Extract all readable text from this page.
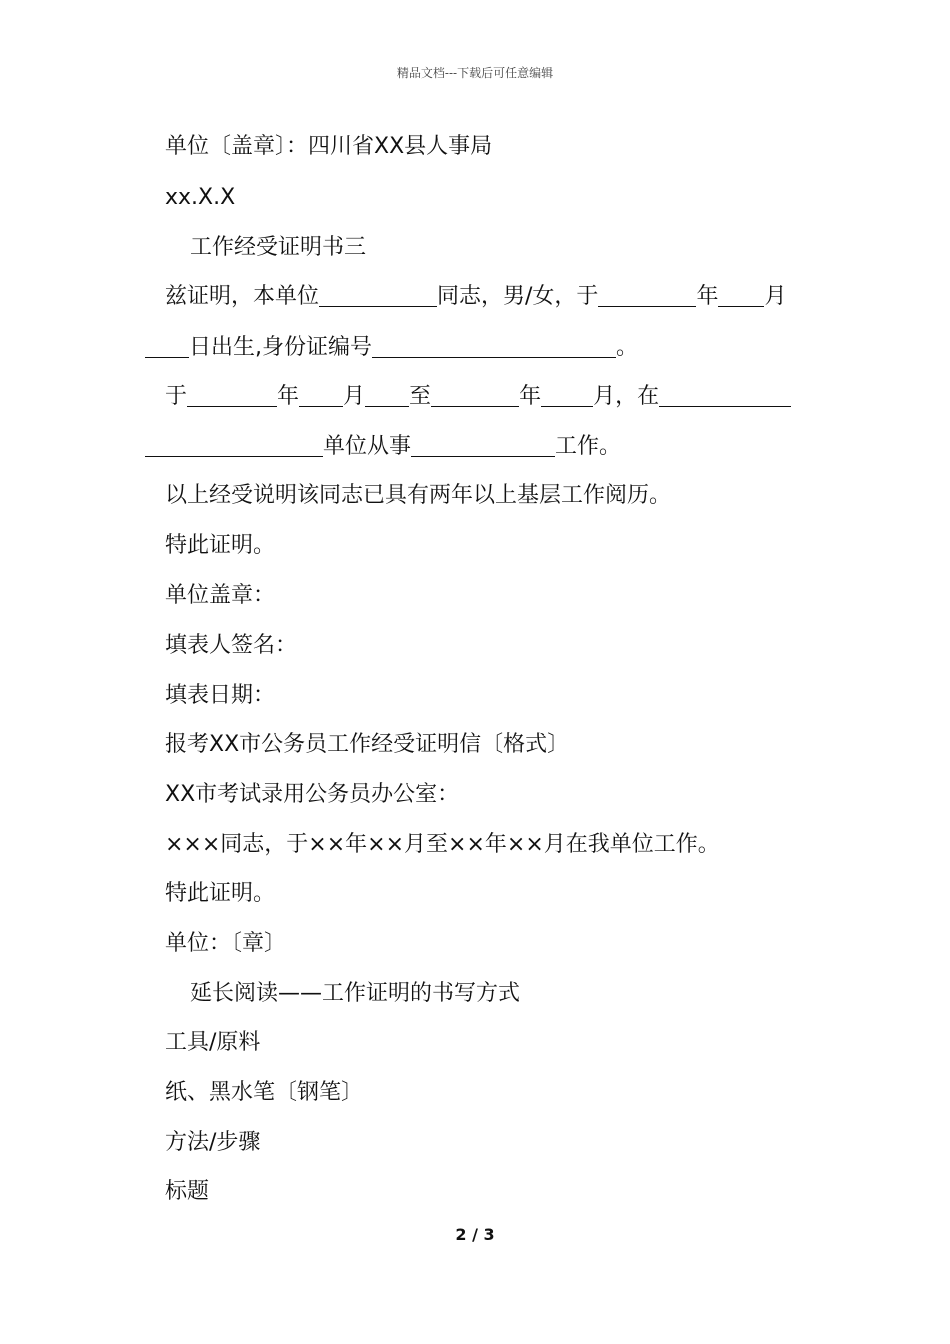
精品文档---下载后可任意编辑
单位〔盖章〕：四川省XX县人事局
xx.X.X
工作经受证明书三
兹证明，本单位	同志，男/女，于	年 月
日出生,身份证编号	。
于	年 月 至	年 月，在
单位从事	工作。
以上经受说明该同志已具有两年以上基层工作阅历。
特此证明。
单位盖章：
填表人签名：
填表日期：
报考XX市公务员工作经受证明信〔格式〕
XX市考试录用公务员办公室：
×××同志，于××年××月至××年××月在我单位工作。
特此证明。
单位：〔章〕
延长阅读——工作证明的书写方式
工具/原料
纸、黑水笔〔钢笔〕
方法/步骤
标题
2 / 3
